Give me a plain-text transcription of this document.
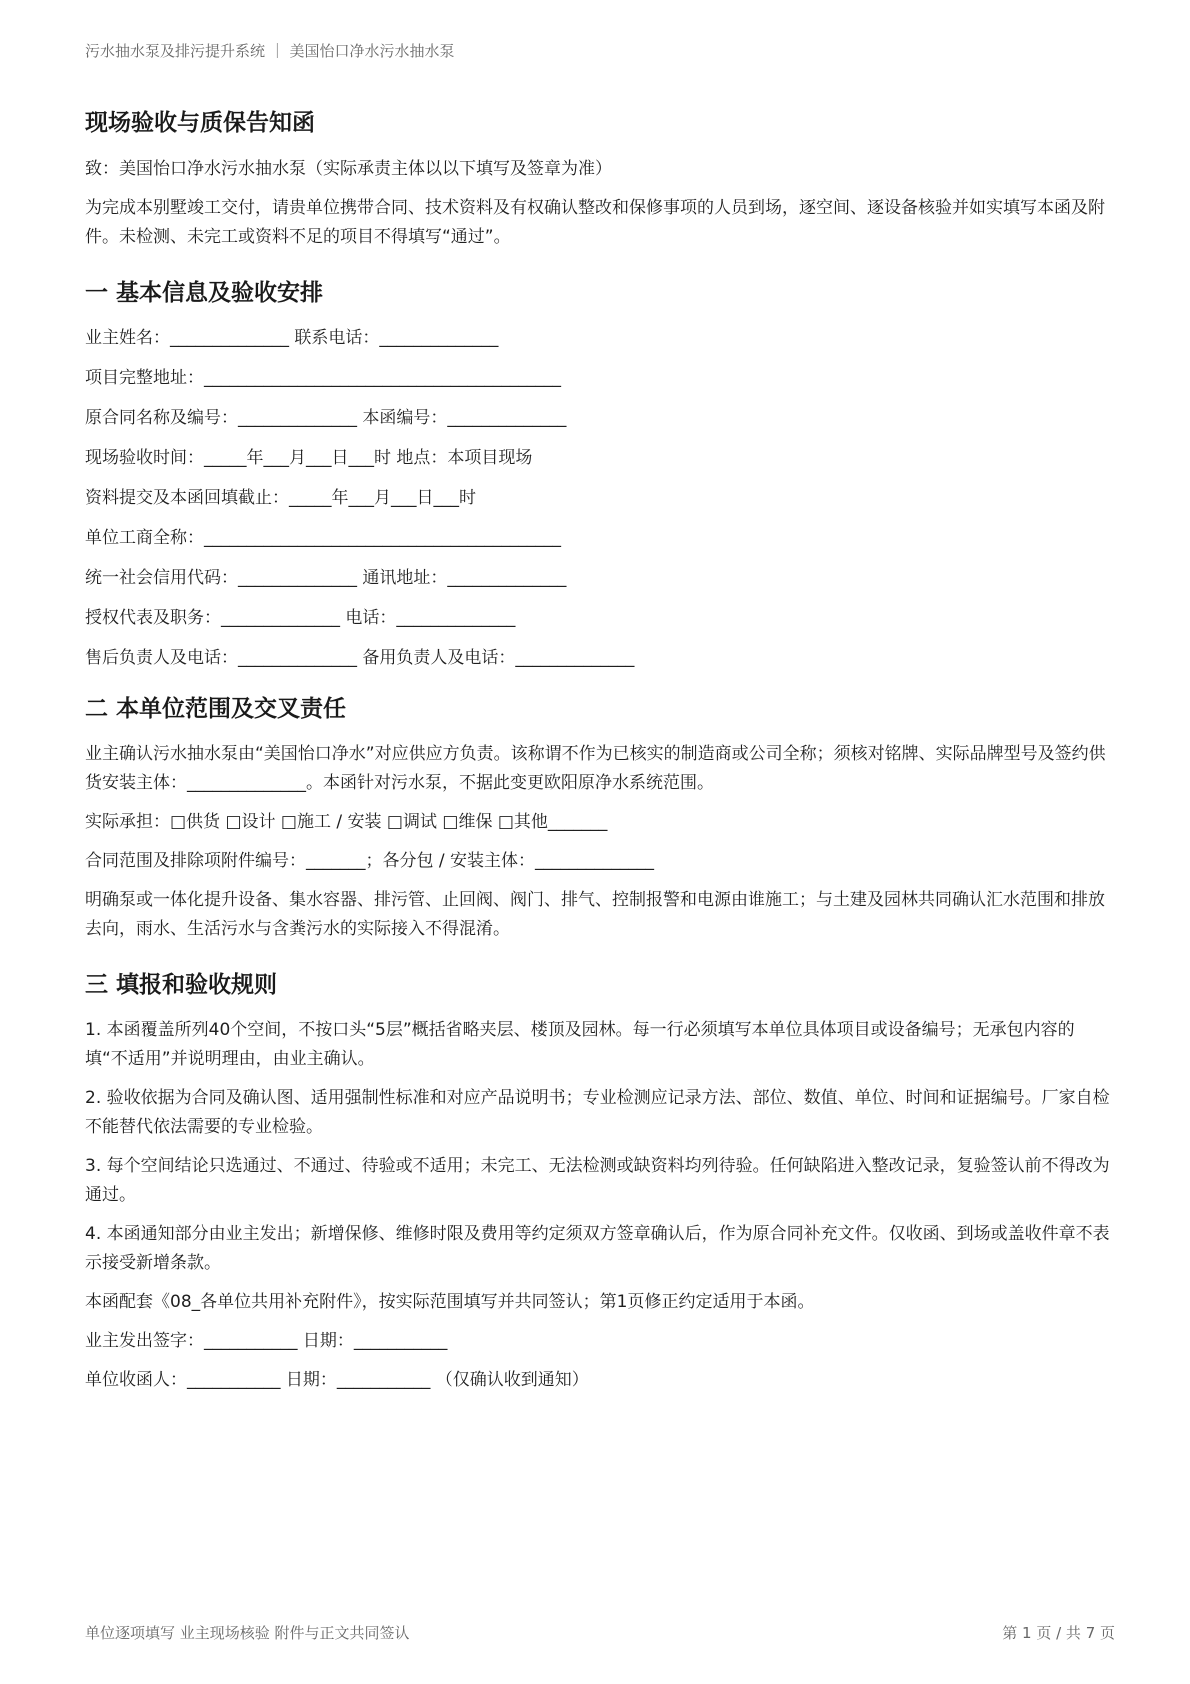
污水抽水泵及排污提升系统 ｜ 美国怡口净水污水抽水泵
现场验收与质保告知函

致：美国怡口净水污水抽水泵（实际承责主体以以下填写及签章为准）

为完成本别墅竣工交付，请贵单位携带合同、技术资料及有权确认整改和保修事项的人员到场，逐空间、逐设备核验并如实填写本函及附件。未检测、未完工或资料不足的项目不得填写“通过”。

一 基本信息及验收安排
业主姓名：______________ 联系电话：______________
项目完整地址：__________________________________________
原合同名称及编号：______________ 本函编号：______________
现场验收时间：_____年___月___日___时 地点：本项目现场
资料提交及本函回填截止：_____年___月___日___时
单位工商全称：__________________________________________
统一社会信用代码：______________ 通讯地址：______________
授权代表及职务：______________ 电话：______________
售后负责人及电话：______________ 备用负责人及电话：______________
二 本单位范围及交叉责任

业主确认污水抽水泵由“美国怡口净水”对应供应方负责。该称谓不作为已核实的制造商或公司全称；须核对铭牌、实际品牌型号及签约供货安装主体：______________。本函针对污水泵，不据此变更欧阳原净水系统范围。

实际承担：□供货 □设计 □施工 / 安装 □调试 □维保 □其他_______

合同范围及排除项附件编号：_______；各分包 / 安装主体：______________

明确泵或一体化提升设备、集水容器、排污管、止回阀、阀门、排气、控制报警和电源由谁施工；与土建及园林共同确认汇水范围和排放去向，雨水、生活污水与含粪污水的实际接入不得混淆。

三 填报和验收规则

1. 本函覆盖所列40个空间，不按口头“5层”概括省略夹层、楼顶及园林。每一行必须填写本单位具体项目或设备编号；无承包内容的填“不适用”并说明理由，由业主确认。

2. 验收依据为合同及确认图、适用强制性标准和对应产品说明书；专业检测应记录方法、部位、数值、单位、时间和证据编号。厂家自检不能替代依法需要的专业检验。

3. 每个空间结论只选通过、不通过、待验或不适用；未完工、无法检测或缺资料均列待验。任何缺陷进入整改记录，复验签认前不得改为通过。

4. 本函通知部分由业主发出；新增保修、维修时限及费用等约定须双方签章确认后，作为原合同补充文件。仅收函、到场或盖收件章不表示接受新增条款。

本函配套《08_各单位共用补充附件》，按实际范围填写并共同签认；第1页修正约定适用于本函。

业主发出签字：___________ 日期：___________

单位收函人：___________ 日期：___________ （仅确认收到通知）

单位逐项填写 业主现场核验 附件与正文共同签认	第 1 页 / 共 7 页
